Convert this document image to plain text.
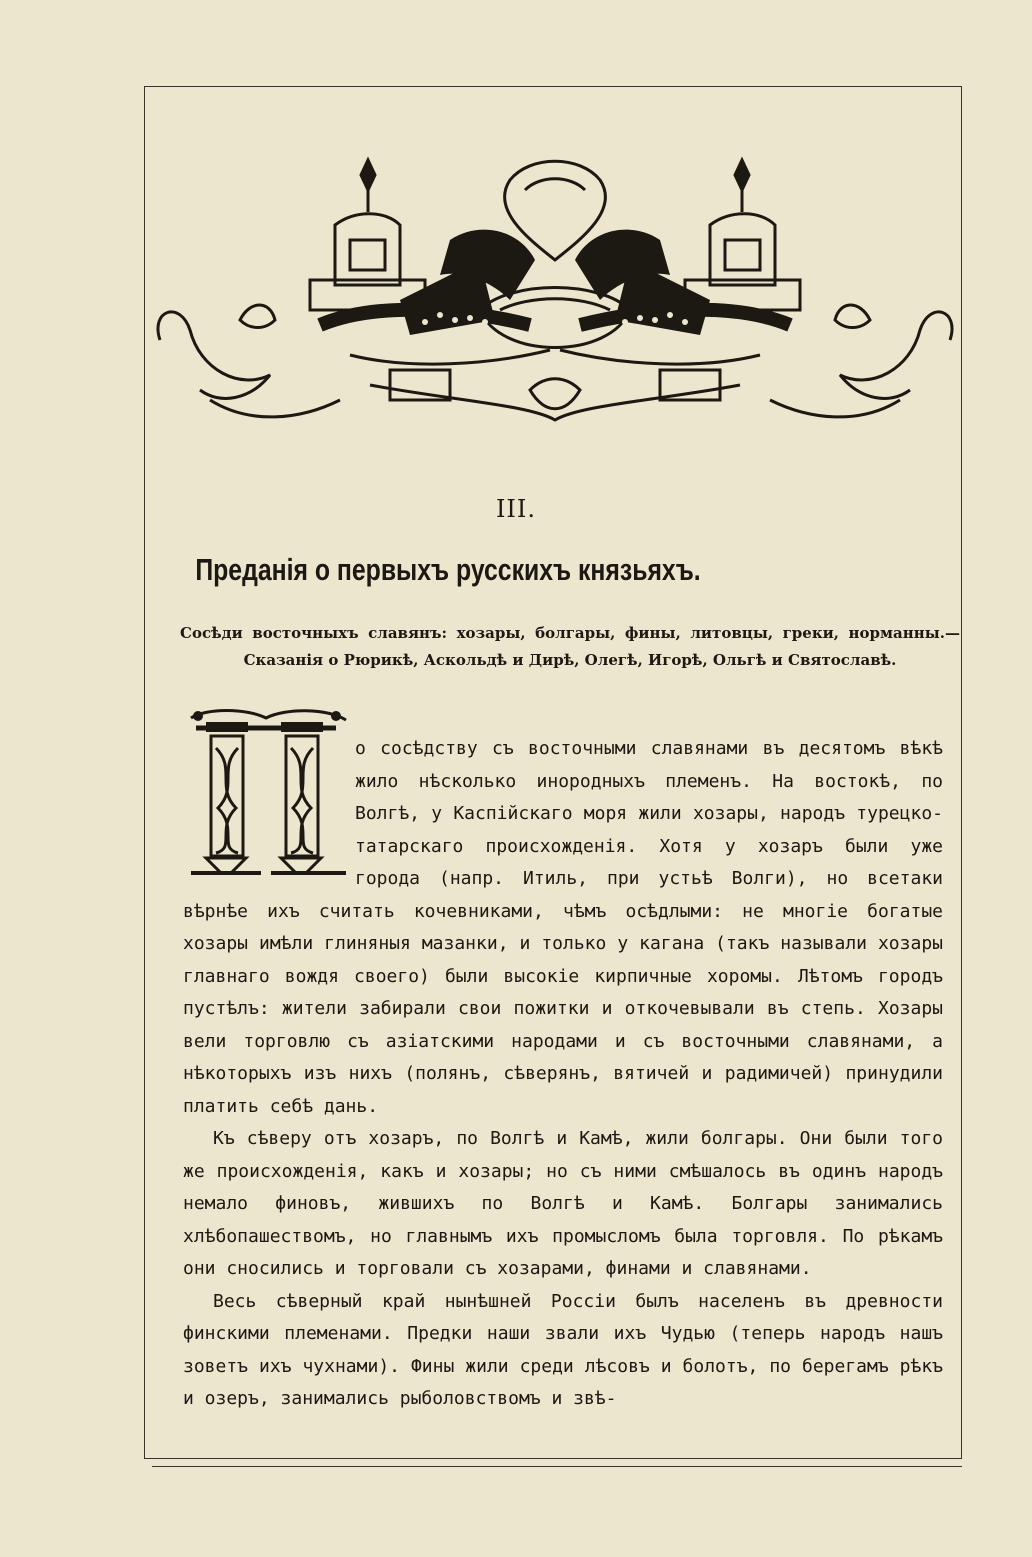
III.
Преданія о первыхъ русскихъ князьяхъ.
Сосѣди восточныхъ славянъ: хозары, болгары, фины, литовцы, греки, норманны.—
Сказанія о Рюрикѣ, Аскольдѣ и Дирѣ, Олегѣ, Игорѣ, Ольгѣ и Святославѣ.

о сосѣдству съ восточными славянами въ десятомъ вѣкѣ жило нѣсколько инородныхъ племенъ. На востокѣ, по Волгѣ, у Каспійскаго моря жили хозары, народъ турецко-татарскаго происхожденія. Хотя у хозаръ были уже города (напр. Итиль, при устьѣ Волги), но всетаки вѣрнѣе ихъ считать кочевниками, чѣмъ осѣдлыми: не многіе богатые хозары имѣли глиняныя мазанки, и только у кагана (такъ называли хозары главнаго вождя своего) были высокіе кирпичные хоромы. Лѣтомъ городъ пустѣлъ: жители забирали свои пожитки и откочевывали въ степь. Хозары вели торговлю съ азіатскими народами и съ восточными славянами, а нѣкоторыхъ изъ нихъ (полянъ, сѣверянъ, вятичей и радимичей) принудили платить себѣ дань.

Къ сѣверу отъ хозаръ, по Волгѣ и Камѣ, жили болгары. Они были того же происхожденія, какъ и хозары; но съ ними смѣшалось въ одинъ народъ немало финовъ, жившихъ по Волгѣ и Камѣ. Болгары занимались хлѣбопашествомъ, но главнымъ ихъ промысломъ была торговля. По рѣкамъ они сносились и торговали съ хозарами, финами и славянами.

Весь сѣверный край нынѣшней Россіи былъ населенъ въ древности финскими племенами. Предки наши звали ихъ Чудью (теперь народъ нашъ зоветъ ихъ чухнами). Фины жили среди лѣсовъ и болотъ, по берегамъ рѣкъ и озеръ, занимались рыболовствомъ и звѣ-
